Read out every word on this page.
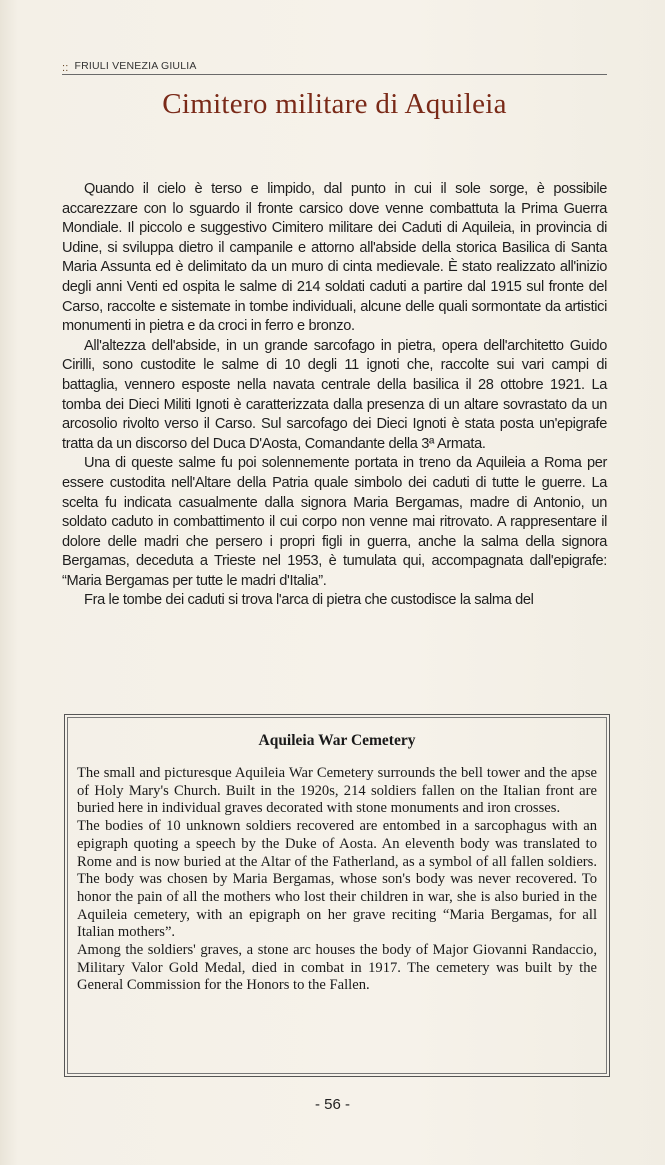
:: FRIULI VENEZIA GIULIA
Cimitero militare di Aquileia

Quando il cielo è terso e limpido, dal punto in cui il sole sorge, è possibile accarezzare con lo sguardo il fronte carsico dove venne combattuta la Prima Guerra Mondiale. Il piccolo e suggestivo Cimitero militare dei Caduti di Aquileia, in provincia di Udine, si sviluppa dietro il campanile e attorno all'abside della storica Basilica di Santa Maria Assunta ed è delimitato da un muro di cinta medievale. È stato realizzato all'inizio degli anni Venti ed ospita le salme di 214 soldati caduti a partire dal 1915 sul fronte del Carso, raccolte e sistemate in tombe individuali, alcune delle quali sormontate da artistici monumenti in pietra e da croci in ferro e bronzo.

All'altezza dell'abside, in un grande sarcofago in pietra, opera dell'architetto Guido Cirilli, sono custodite le salme di 10 degli 11 ignoti che, raccolte sui vari campi di battaglia, vennero esposte nella navata centrale della basilica il 28 ottobre 1921. La tomba dei Dieci Militi Ignoti è caratterizzata dalla presenza di un altare sovrastato da un arcosolio rivolto verso il Carso. Sul sarcofago dei Dieci Ignoti è stata posta un'epigrafe tratta da un discorso del Duca D'Aosta, Comandante della 3ª Armata.

Una di queste salme fu poi solennemente portata in treno da Aquileia a Roma per essere custodita nell'Altare della Patria quale simbolo dei caduti di tutte le guerre. La scelta fu indicata casualmente dalla signora Maria Bergamas, madre di Antonio, un soldato caduto in combattimento il cui corpo non venne mai ritrovato. A rappresentare il dolore delle madri che persero i propri figli in guerra, anche la salma della signora Bergamas, deceduta a Trieste nel 1953, è tumulata qui, accompagnata dall'epigrafe: “Maria Bergamas per tutte le madri d'Italia”.

Fra le tombe dei caduti si trova l'arca di pietra che custodisce la salma del

Aquileia War Cemetery

The small and picturesque Aquileia War Cemetery surrounds the bell tower and the apse of Holy Mary's Church. Built in the 1920s, 214 soldiers fallen on the Italian front are buried here in individual graves decorated with stone monuments and iron crosses.

The bodies of 10 unknown soldiers recovered are entombed in a sarcophagus with an epigraph quoting a speech by the Duke of Aosta. An eleventh body was translated to Rome and is now buried at the Altar of the Fatherland, as a symbol of all fallen soldiers. The body was chosen by Maria Bergamas, whose son's body was never recovered. To honor the pain of all the mothers who lost their children in war, she is also buried in the Aquileia cemetery, with an epigraph on her grave reciting “Maria Bergamas, for all Italian mothers”.

Among the soldiers' graves, a stone arc houses the body of Major Giovanni Randaccio, Military Valor Gold Medal, died in combat in 1917. The cemetery was built by the General Commission for the Honors to the Fallen.

- 56 -
